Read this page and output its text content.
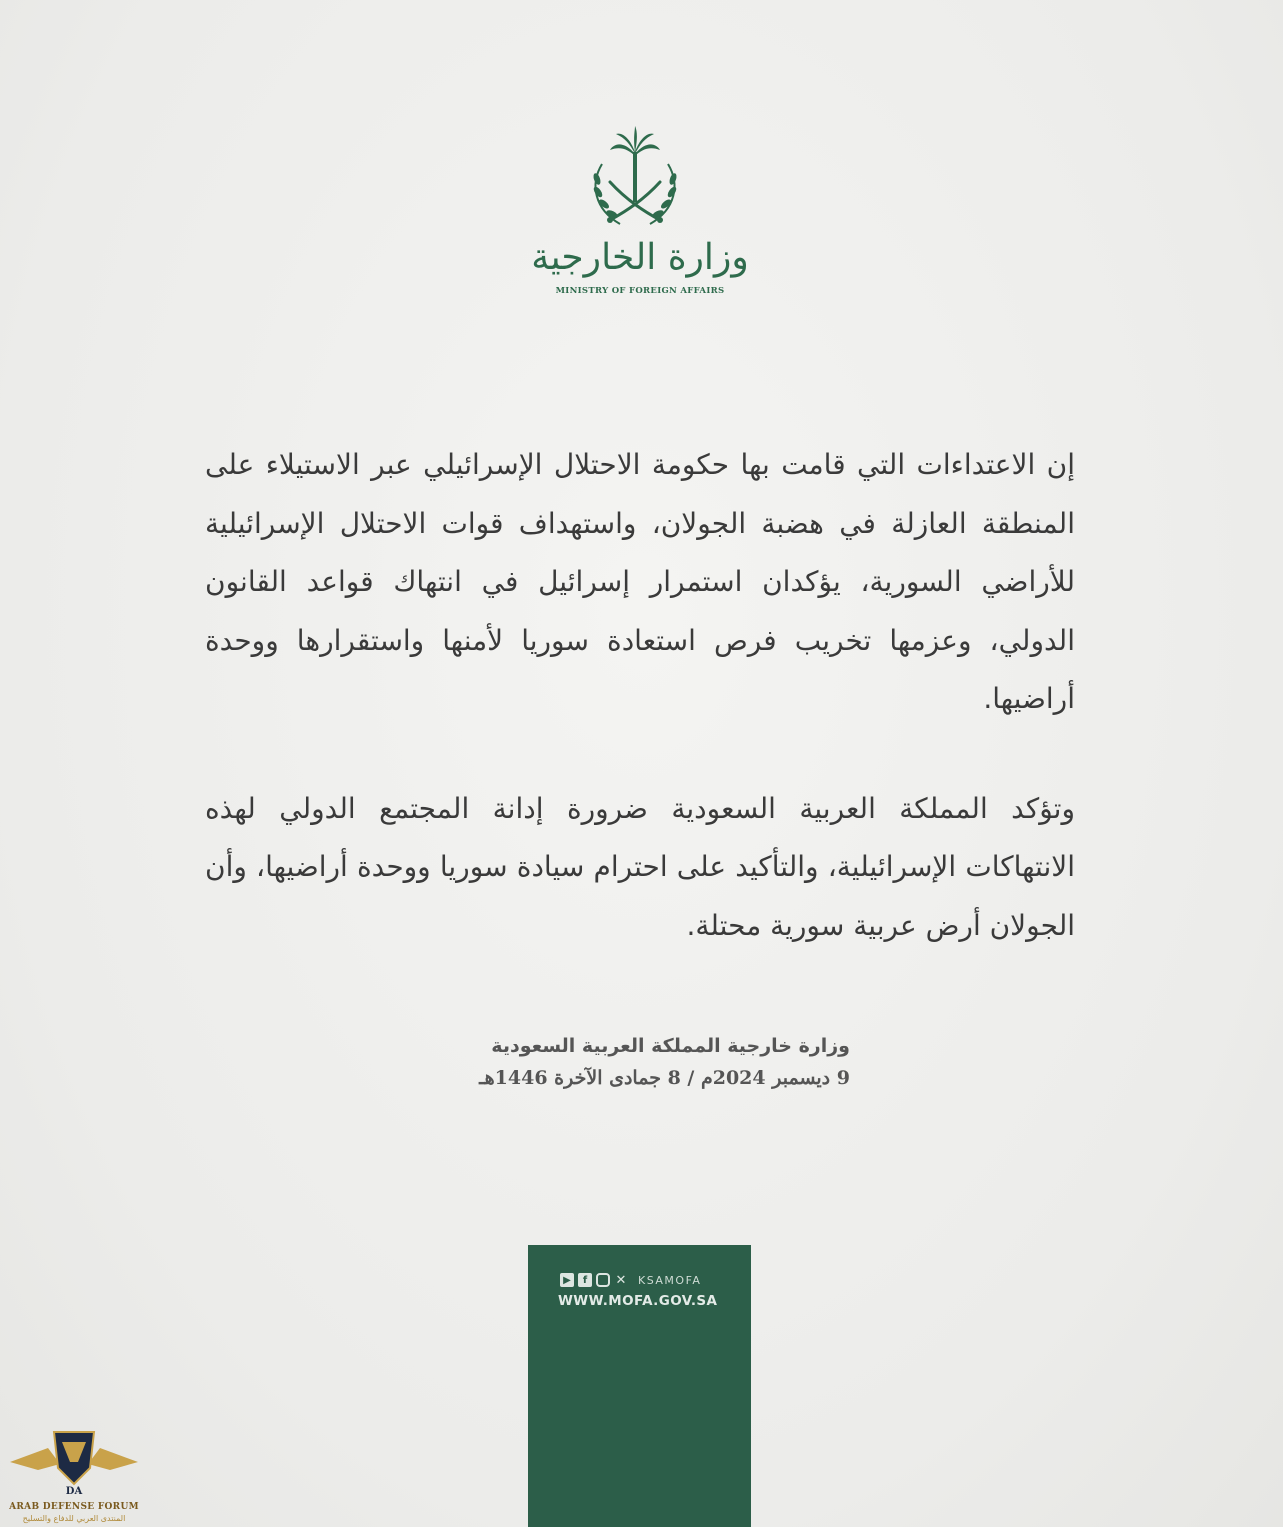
وزارة الخارجية
MINISTRY OF FOREIGN AFFAIRS

إن الاعتداءات التي قامت بها حكومة الاحتلال الإسرائيلي عبر الاستيلاء على المنطقة العازلة في هضبة الجولان، واستهداف قوات الاحتلال الإسرائيلية للأراضي السورية، يؤكدان استمرار إسرائيل في انتهاك قواعد القانون الدولي، وعزمها تخريب فرص استعادة سوريا لأمنها واستقرارها ووحدة أراضيها.

وتؤكد المملكة العربية السعودية ضرورة إدانة المجتمع الدولي لهذه الانتهاكات الإسرائيلية، والتأكيد على احترام سيادة سوريا ووحدة أراضيها، وأن الجولان أرض عربية سورية محتلة.

وزارة خارجية المملكة العربية السعودية
9 ديسمبر 2024م / 8 جمادى الآخرة 1446هـ
▶	f	✕ KSAMOFA
WWW.MOFA.GOV.SA
DA
ARAB DEFENSE FORUM
المنتدى العربي للدفاع والتسليح
